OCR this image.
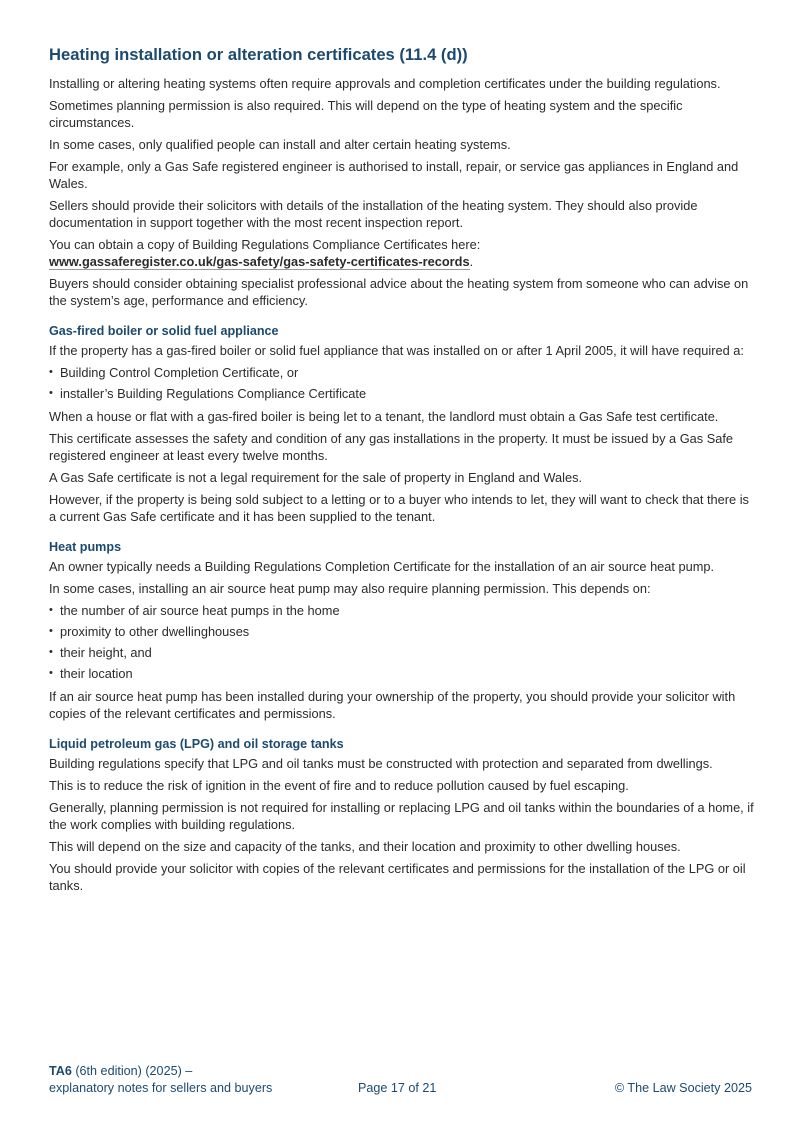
Heating installation or alteration certificates (11.4 (d))

Installing or altering heating systems often require approvals and completion certificates under the building regulations.

Sometimes planning permission is also required. This will depend on the type of heating system and the specific circumstances.

In some cases, only qualified people can install and alter certain heating systems.

For example, only a Gas Safe registered engineer is authorised to install, repair, or service gas appliances in England and Wales.

Sellers should provide their solicitors with details of the installation of the heating system. They should also provide documentation in support together with the most recent inspection report.

You can obtain a copy of Building Regulations Compliance Certificates here:
www.gassaferegister.co.uk/gas-safety/gas-safety-certificates-records.

Buyers should consider obtaining specialist professional advice about the heating system from someone who can advise on the system’s age, performance and efficiency.

Gas-fired boiler or solid fuel appliance

If the property has a gas-fired boiler or solid fuel appliance that was installed on or after 1 April 2005, it will have required a:

• Building Control Completion Certificate, or
• installer’s Building Regulations Compliance Certificate

When a house or flat with a gas-fired boiler is being let to a tenant, the landlord must obtain a Gas Safe test certificate.

This certificate assesses the safety and condition of any gas installations in the property. It must be issued by a Gas Safe registered engineer at least every twelve months.

A Gas Safe certificate is not a legal requirement for the sale of property in England and Wales.

However, if the property is being sold subject to a letting or to a buyer who intends to let, they will want to check that there is a current Gas Safe certificate and it has been supplied to the tenant.

Heat pumps

An owner typically needs a Building Regulations Completion Certificate for the installation of an air source heat pump.

In some cases, installing an air source heat pump may also require planning permission. This depends on:

• the number of air source heat pumps in the home
• proximity to other dwellinghouses
• their height, and
• their location

If an air source heat pump has been installed during your ownership of the property, you should provide your solicitor with copies of the relevant certificates and permissions.

Liquid petroleum gas (LPG) and oil storage tanks

Building regulations specify that LPG and oil tanks must be constructed with protection and separated from dwellings.

This is to reduce the risk of ignition in the event of fire and to reduce pollution caused by fuel escaping.

Generally, planning permission is not required for installing or replacing LPG and oil tanks within the boundaries of a home, if the work complies with building regulations.

This will depend on the size and capacity of the tanks, and their location and proximity to other dwelling houses.

You should provide your solicitor with copies of the relevant certificates and permissions for the installation of the LPG or oil tanks.

TA6 (6th edition) (2025) –
explanatory notes for sellers and buyers	Page 17 of 21	© The Law Society 2025
